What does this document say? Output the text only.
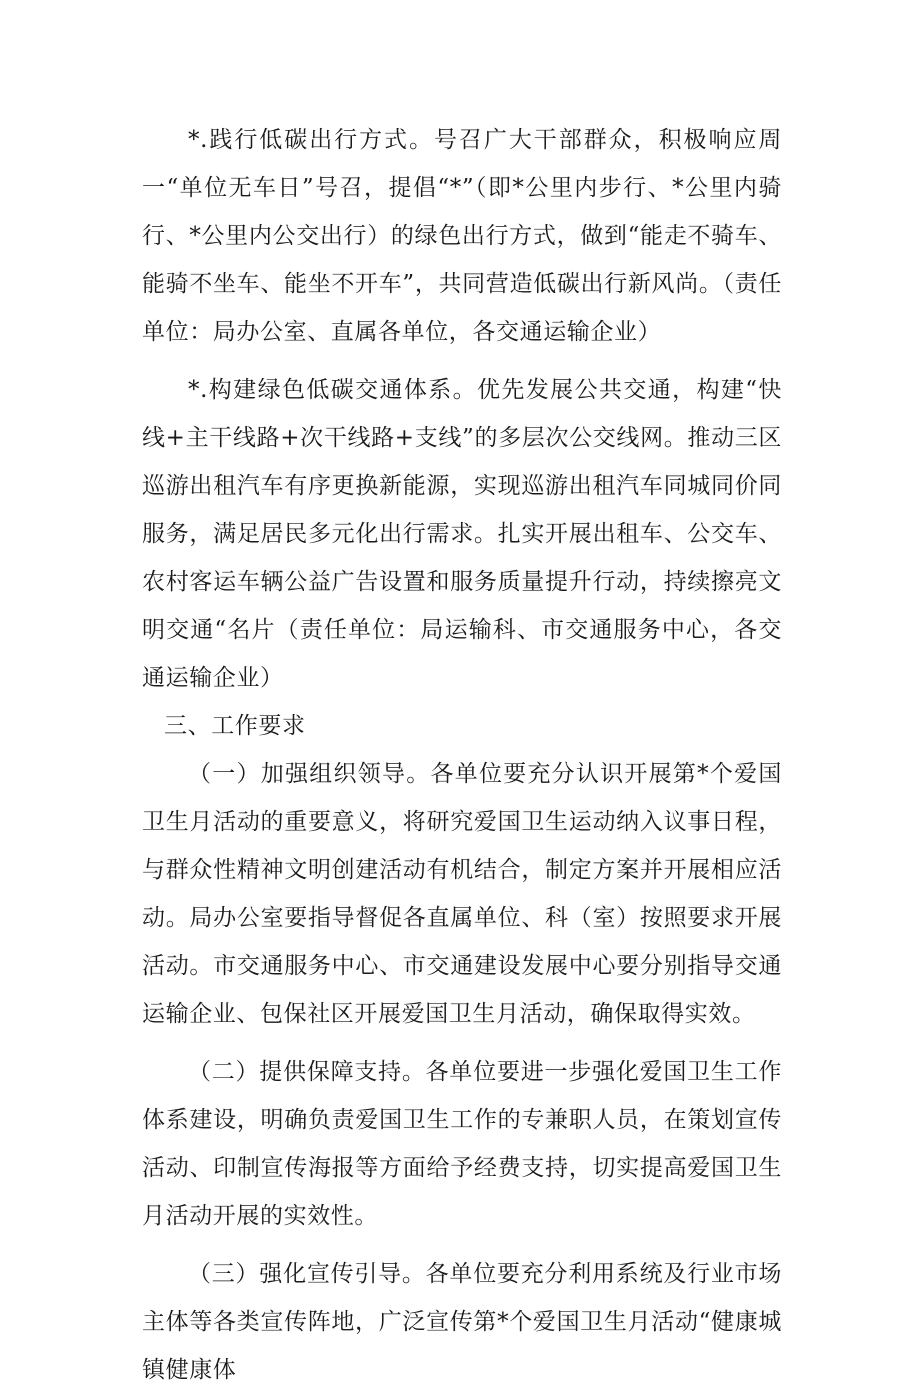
*.践行低碳出行方式。号召广大干部群众，积极响应周一“单位无车日”号召，提倡“*”（即*公里内步行、*公里内骑行、*公里内公交出行）的绿色出行方式，做到“能走不骑车、能骑不坐车、能坐不开车”，共同营造低碳出行新风尚。（责任单位：局办公室、直属各单位，各交通运输企业）

*.构建绿色低碳交通体系。优先发展公共交通，构建“快线+主干线路+次干线路+支线”的多层次公交线网。推动三区巡游出租汽车有序更换新能源，实现巡游出租汽车同城同价同服务，满足居民多元化出行需求。扎实开展出租车、公交车、农村客运车辆公益广告设置和服务质量提升行动，持续擦亮文明交通“名片（责任单位：局运输科、市交通服务中心，各交通运输企业）

三、工作要求

（一）加强组织领导。各单位要充分认识开展第*个爱国卫生月活动的重要意义，将研究爱国卫生运动纳入议事日程，与群众性精神文明创建活动有机结合，制定方案并开展相应活动。局办公室要指导督促各直属单位、科（室）按照要求开展活动。市交通服务中心、市交通建设发展中心要分别指导交通运输企业、包保社区开展爱国卫生月活动，确保取得实效。

（二）提供保障支持。各单位要进一步强化爱国卫生工作体系建设，明确负责爱国卫生工作的专兼职人员，在策划宣传活动、印制宣传海报等方面给予经费支持，切实提高爱国卫生月活动开展的实效性。

（三）强化宣传引导。各单位要充分利用系统及行业市场主体等各类宣传阵地，广泛宣传第*个爱国卫生月活动“健康城镇健康体
